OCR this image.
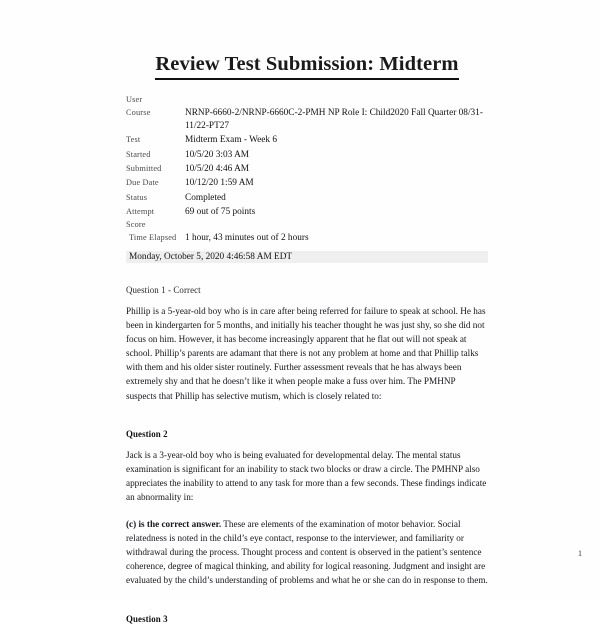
Review Test Submission: Midterm
User	
Course	NRNP-6660-2/NRNP-6660C-2-PMH NP Role I: Child2020 Fall Quarter 08/31-11/22-PT27
Test	Midterm Exam - Week 6
Started	10/5/20 3:03 AM
Submitted	10/5/20 4:46 AM
Due Date	10/12/20 1:59 AM
Status	Completed
Attempt	69 out of 75 points
Score	
Time Elapsed	1 hour, 43 minutes out of 2 hours
Monday, October 5, 2020 4:46:58 AM EDT
Question 1 - Correct

Phillip is a 5-year-old boy who is in care after being referred for failure to speak at school. He has been in kindergarten for 5 months, and initially his teacher thought he was just shy, so she did not focus on him. However, it has become increasingly apparent that he flat out will not speak at school. Phillip’s parents are adamant that there is not any problem at home and that Phillip talks with them and his older sister routinely. Further assessment reveals that he has always been extremely shy and that he doesn’t like it when people make a fuss over him. The PMHNP suspects that Phillip has selective mutism, which is closely related to:

Question 2

Jack is a 3-year-old boy who is being evaluated for developmental delay. The mental status examination is significant for an inability to stack two blocks or draw a circle. The PMHNP also appreciates the inability to attend to any task for more than a few seconds. These findings indicate an abnormality in:

(c) is the correct answer. These are elements of the examination of motor behavior. Social relatedness is noted in the child’s eye contact, response to the interviewer, and familiarity or withdrawal during the process. Thought process and content is observed in the patient’s sentence coherence, degree of magical thinking, and ability for logical reasoning. Judgment and insight are evaluated by the child’s understanding of problems and what he or she can do in response to them.

Question 3
1
